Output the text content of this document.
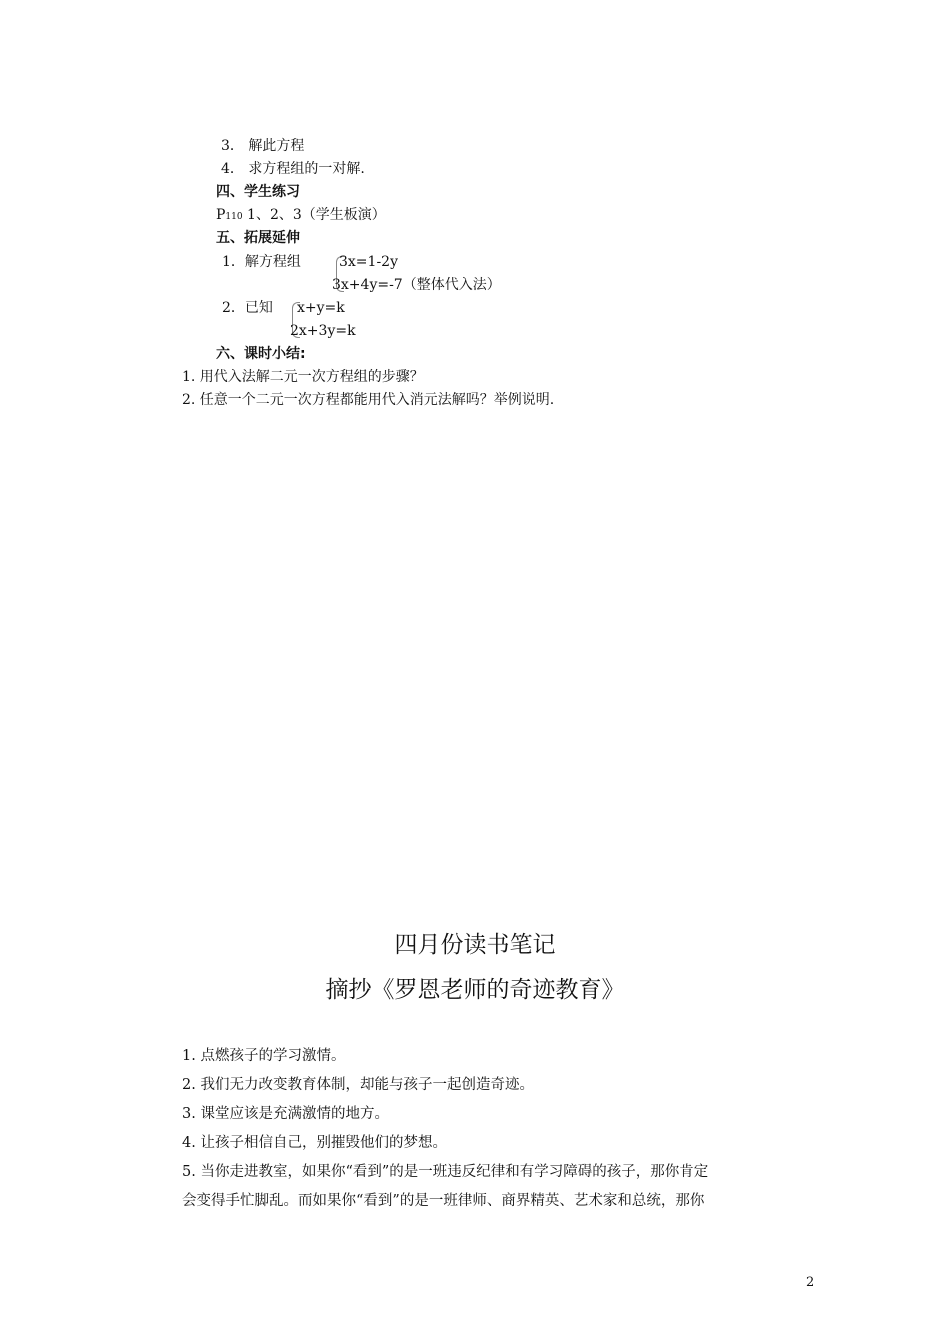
3． 解此方程
4． 求方程组的一对解.
四、学生练习
P110 1、2、3（学生板演）
五、拓展延伸
1．解方程组	3x=1-2y
3x+4y=-7（整体代入法）
2．已知 x+y=k
2x+3y=k
六、课时小结:
1. 用代入法解二元一次方程组的步骤？
2. 任意一个二元一次方程都能用代入消元法解吗？举例说明.
四月份读书笔记
摘抄《罗恩老师的奇迹教育》
1. 点燃孩子的学习激情。
2. 我们无力改变教育体制，却能与孩子一起创造奇迹。
3. 课堂应该是充满激情的地方。
4. 让孩子相信自己，别摧毁他们的梦想。
5. 当你走进教室，如果你“看到”的是一班违反纪律和有学习障碍的孩子，那你肯定
会变得手忙脚乱。而如果你“看到”的是一班律师、商界精英、艺术家和总统，那你
2
